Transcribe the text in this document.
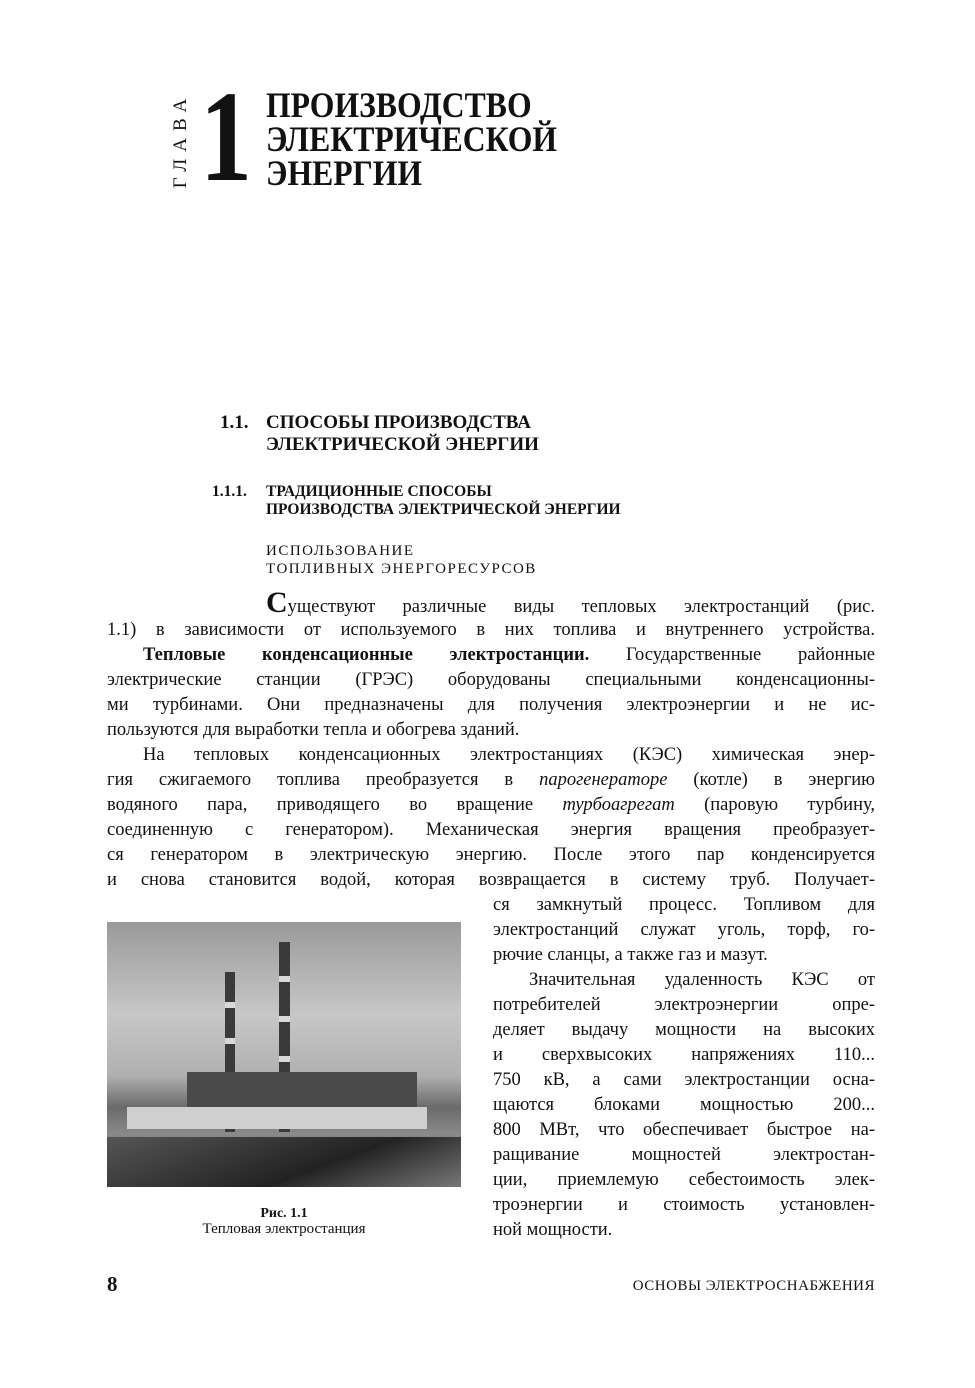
ГЛАВА 1 ПРОИЗВОДСТВО
ЭЛЕКТРИЧЕСКОЙ
ЭНЕРГИИ
1.1. СПОСОБЫ ПРОИЗВОДСТВА
ЭЛЕКТРИЧЕСКОЙ ЭНЕРГИИ
1.1.1. ТРАДИЦИОННЫЕ СПОСОБЫ
ПРОИЗВОДСТВА ЭЛЕКТРИЧЕСКОЙ ЭНЕРГИИ
ИСПОЛЬЗОВАНИЕ
ТОПЛИВНЫХ ЭНЕРГОРЕСУРСОВ
Существуют различные виды тепловых электростанций (рис.
1.1) в зависимости от используемого в них топлива и внутреннего устройства.
Тепловые конденсационные электростанции. Государственные районные
электрические станции (ГРЭС) оборудованы специальными конденсационны-
ми турбинами. Они предназначены для получения электроэнергии и не ис-
пользуются для выработки тепла и обогрева зданий.
На тепловых конденсационных электростанциях (КЭС) химическая энер-
гия сжигаемого топлива преобразуется в парогенераторе (котле) в энергию
водяного пара, приводящего во вращение турбоагрегат (паровую турбину,
соединенную с генератором). Механическая энергия вращения преобразует-
ся генератором в электрическую энергию. После этого пар конденсируется
и снова становится водой, которая возвращается в систему труб. Получает-
ся замкнутый процесс. Топливом для
электростанций служат уголь, торф, го-
рючие сланцы, а также газ и мазут.
Значительная удаленность КЭС от
потребителей электроэнергии опре-
деляет выдачу мощности на высоких
и сверхвысоких напряжениях 110...
750 кВ, а сами электростанции осна-
щаются блоками мощностью 200...
800 МВт, что обеспечивает быстрое на-
ращивание мощностей электростан-
ции, приемлемую себестоимость элек-
троэнергии и стоимость установлен-
ной мощности.
Рис. 1.1
Тепловая электростанция
8	ОСНОВЫ ЭЛЕКТРОСНАБЖЕНИЯ
